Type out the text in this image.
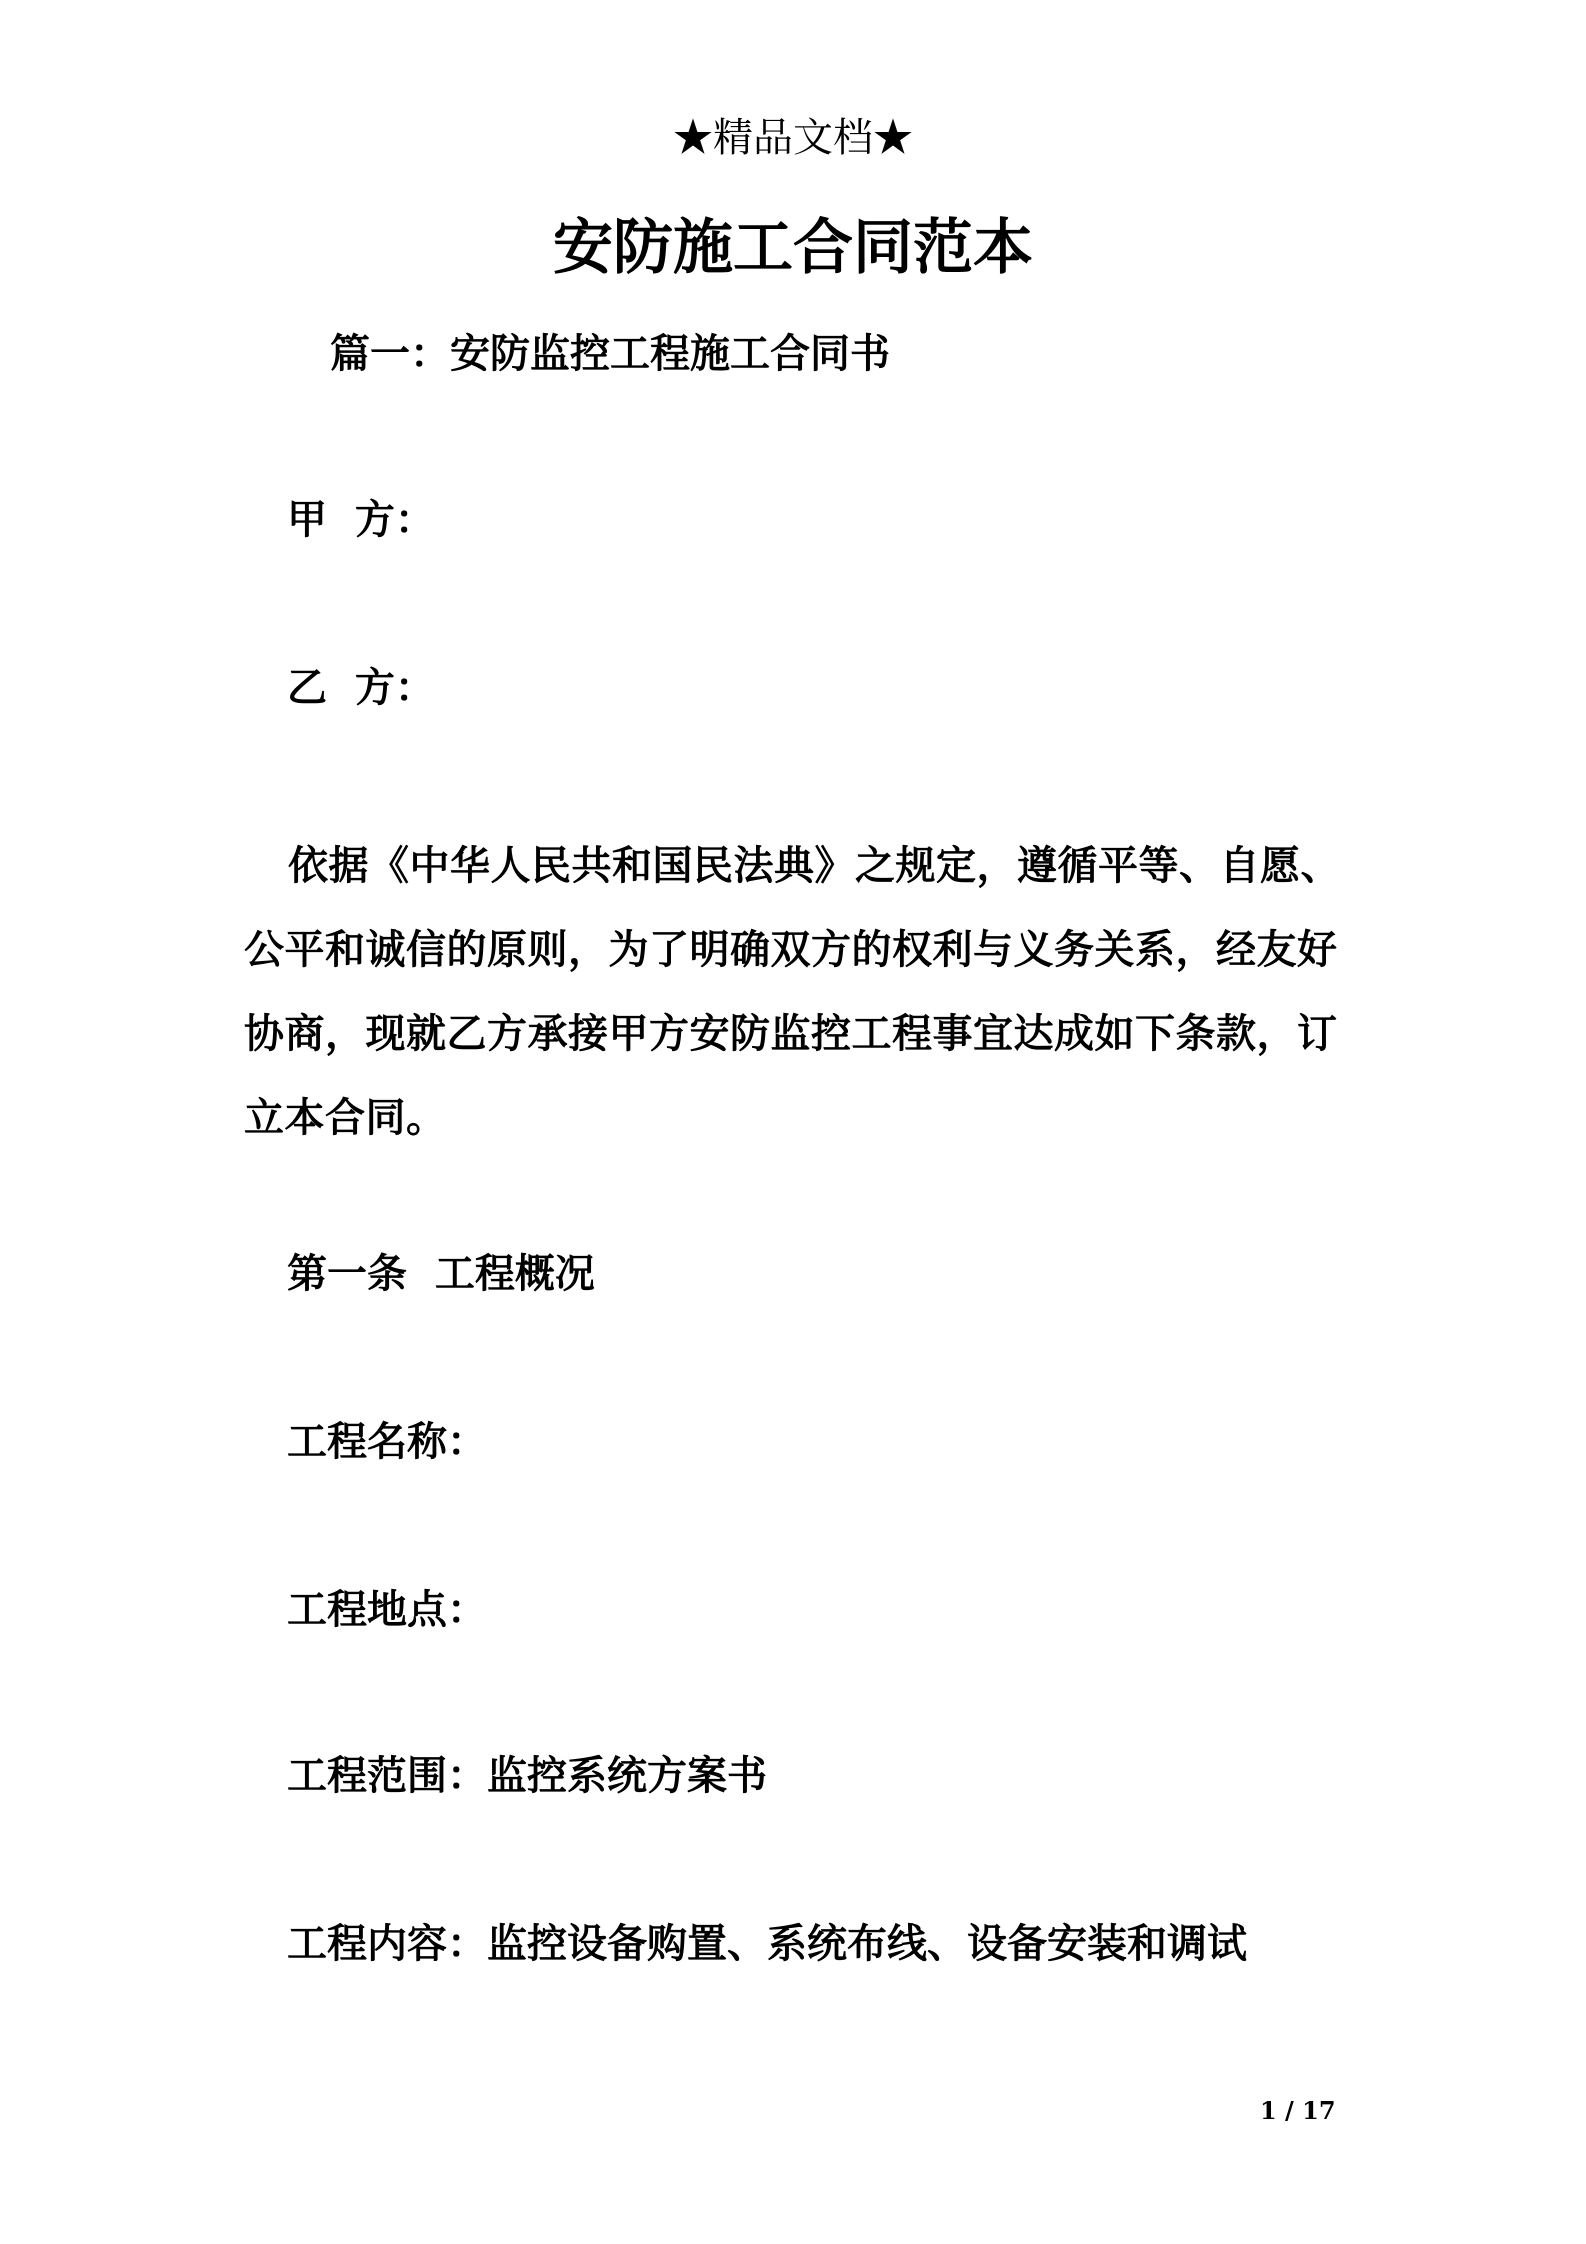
★精品文档★
安防施工合同范本
篇一：安防监控工程施工合同书
甲  方：
乙  方：
依据《中华人民共和国民法典》之规定，遵循平等、自愿、公平和诚信的原则，为了明确双方的权利与义务关系，经友好协商，现就乙方承接甲方安防监控工程事宜达成如下条款，订立本合同。
第一条  工程概况
工程名称：
工程地点：
工程范围：监控系统方案书
工程内容：监控设备购置、系统布线、设备安装和调试
1 / 17
